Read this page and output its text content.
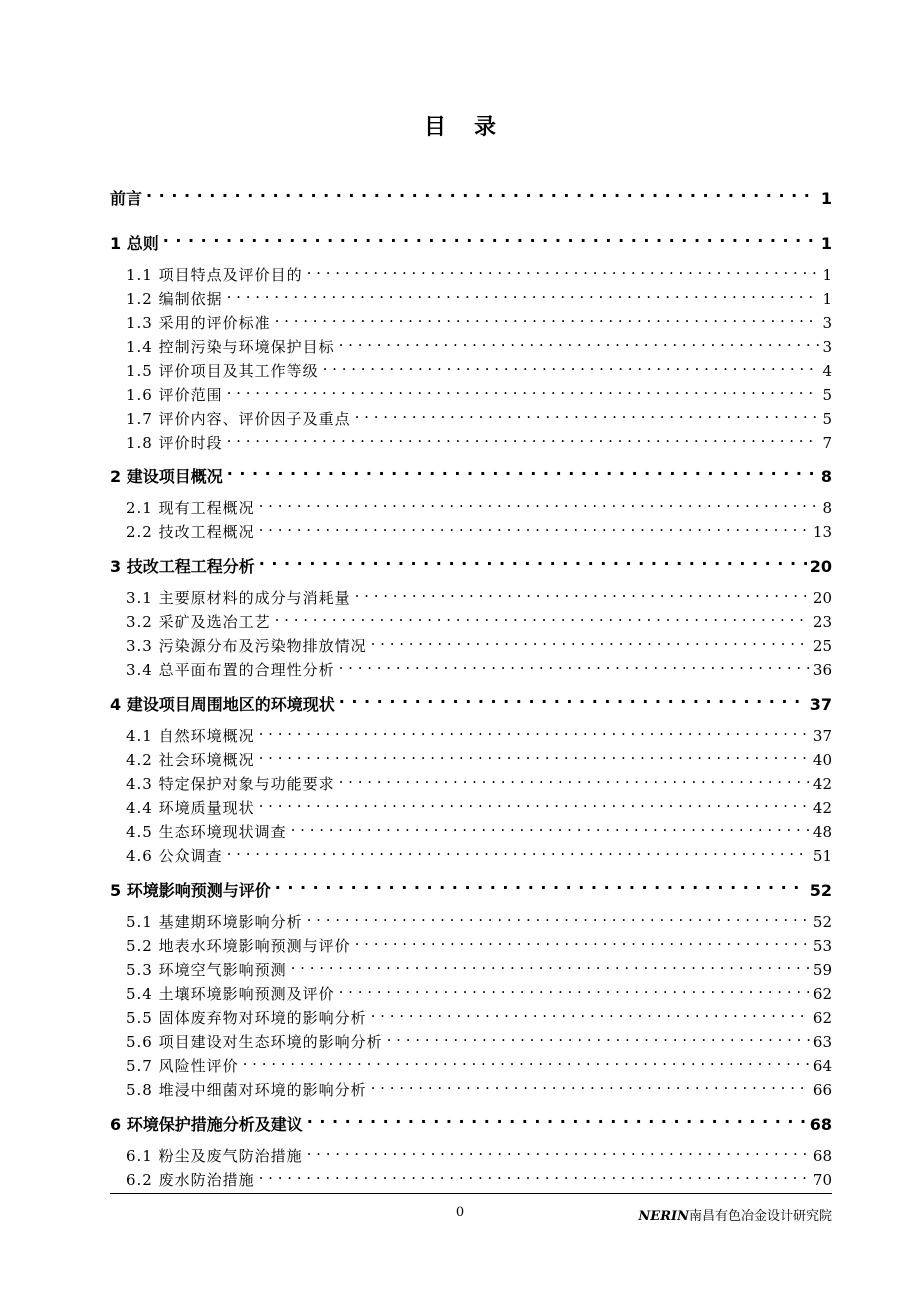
目 录
前言 . . .	1
1 总则 . . .	1
1.1 项目特点及评价目的 . . .	1
1.2 编制依据 . . .	1
1.3 采用的评价标准 . . .	3
1.4 控制污染与环境保护目标 . . .	3
1.5 评价项目及其工作等级 . . .	4
1.6 评价范围 . . .	5
1.7 评价内容、评价因子及重点 . . .	5
1.8 评价时段 . . .	7
2 建设项目概况 . . .	8
2.1 现有工程概况 . . .	8
2.2 技改工程概况 . . .	13
3 技改工程工程分析 . . .	20
3.1 主要原材料的成分与消耗量 . . .	20
3.2 采矿及选冶工艺 . . .	23
3.3 污染源分布及污染物排放情况 . . .	25
3.4 总平面布置的合理性分析 . . .	36
4 建设项目周围地区的环境现状 . . .	37
4.1 自然环境概况 . . .	37
4.2 社会环境概况 . . .	40
4.3 特定保护对象与功能要求 . . .	42
4.4 环境质量现状 . . .	42
4.5 生态环境现状调查 . . .	48
4.6 公众调查 . . .	51
5 环境影响预测与评价 . . .	52
5.1 基建期环境影响分析 . . .	52
5.2 地表水环境影响预测与评价 . . .	53
5.3 环境空气影响预测 . . .	59
5.4 土壤环境影响预测及评价 . . .	62
5.5 固体废弃物对环境的影响分析 . . .	62
5.6 项目建设对生态环境的影响分析 . . .	63
5.7 风险性评价 . . .	64
5.8 堆浸中细菌对环境的影响分析 . . .	66
6 环境保护措施分析及建议 . . .	68
6.1 粉尘及废气防治措施 . . .	68
6.2 废水防治措施 . . .	70
0	NERIN南昌有色冶金设计研究院
